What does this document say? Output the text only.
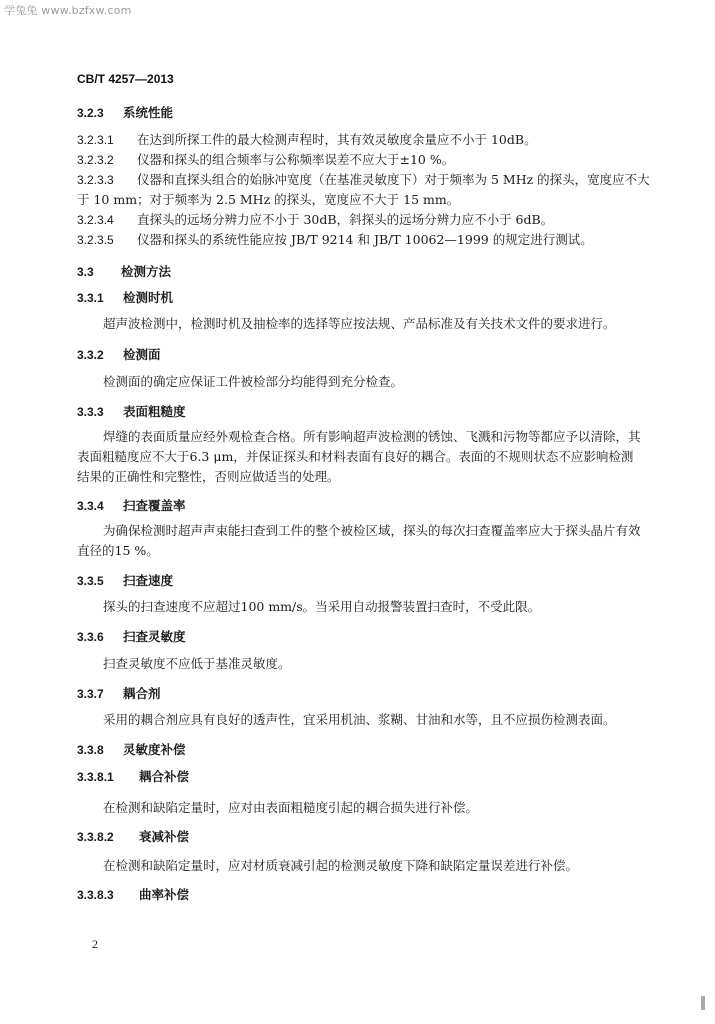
学兔兔 www.bzfxw.com
CB/T 4257—2013
3.2.3 系统性能
3.2.3.1 在达到所探工件的最大检测声程时，其有效灵敏度余量应不小于 10dB。
3.2.3.2 仪器和探头的组合频率与公称频率误差不应大于±10 %。
3.2.3.3 仪器和直探头组合的始脉冲宽度（在基准灵敏度下）对于频率为 5 MHz 的探头，宽度应不大
于 10 mm；对于频率为 2.5 MHz 的探头，宽度应不大于 15 mm。
3.2.3.4 直探头的远场分辨力应不小于 30dB，斜探头的远场分辨力应不小于 6dB。
3.2.3.5 仪器和探头的系统性能应按 JB/T 9214 和 JB/T 10062—1999 的规定进行测试。
3.3 检测方法
3.3.1 检测时机
超声波检测中，检测时机及抽检率的选择等应按法规、产品标准及有关技术文件的要求进行。
3.3.2 检测面
检测面的确定应保证工件被检部分均能得到充分检查。
3.3.3 表面粗糙度
焊缝的表面质量应经外观检查合格。所有影响超声波检测的锈蚀、飞溅和污物等都应予以清除，其
表面粗糙度应不大于6.3 μm，并保证探头和材料表面有良好的耦合。表面的不规则状态不应影响检测
结果的正确性和完整性，否则应做适当的处理。
3.3.4 扫查覆盖率
为确保检测时超声声束能扫查到工件的整个被检区域，探头的每次扫查覆盖率应大于探头晶片有效
直径的15 %。
3.3.5 扫查速度
探头的扫查速度不应超过100 mm/s。当采用自动报警装置扫查时，不受此限。
3.3.6 扫查灵敏度
扫查灵敏度不应低于基准灵敏度。
3.3.7 耦合剂
采用的耦合剂应具有良好的透声性，宜采用机油、浆糊、甘油和水等，且不应损伤检测表面。
3.3.8 灵敏度补偿
3.3.8.1 耦合补偿
在检测和缺陷定量时，应对由表面粗糙度引起的耦合损失进行补偿。
3.3.8.2 衰减补偿
在检测和缺陷定量时，应对材质衰减引起的检测灵敏度下降和缺陷定量误差进行补偿。
3.3.8.3 曲率补偿
2
